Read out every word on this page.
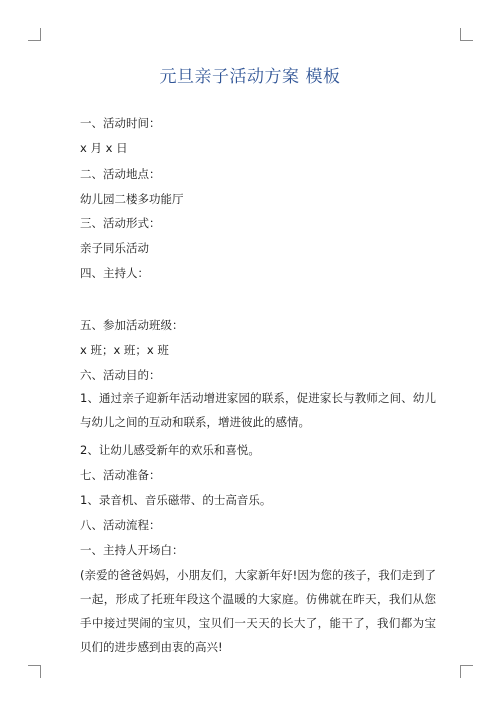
元旦亲子活动方案 模板
一、活动时间：
x 月 x 日
二、活动地点：
幼儿园二楼多功能厅
三、活动形式：
亲子同乐活动
四、主持人：
五、参加活动班级：
x 班；x 班；x 班
六、活动目的：
1、通过亲子迎新年活动增进家园的联系，促进家长与教师之间、幼儿与幼儿之间的互动和联系，增进彼此的感情。
2、让幼儿感受新年的欢乐和喜悦。
七、活动准备：
1、录音机、音乐磁带、的士高音乐。
八、活动流程：
一、主持人开场白：
(亲爱的爸爸妈妈，小朋友们，大家新年好!因为您的孩子，我们走到了一起，形成了托班年段这个温暖的大家庭。仿佛就在昨天，我们从您手中接过哭闹的宝贝，宝贝们一天天的长大了，能干了，我们都为宝贝们的进步感到由衷的高兴!
